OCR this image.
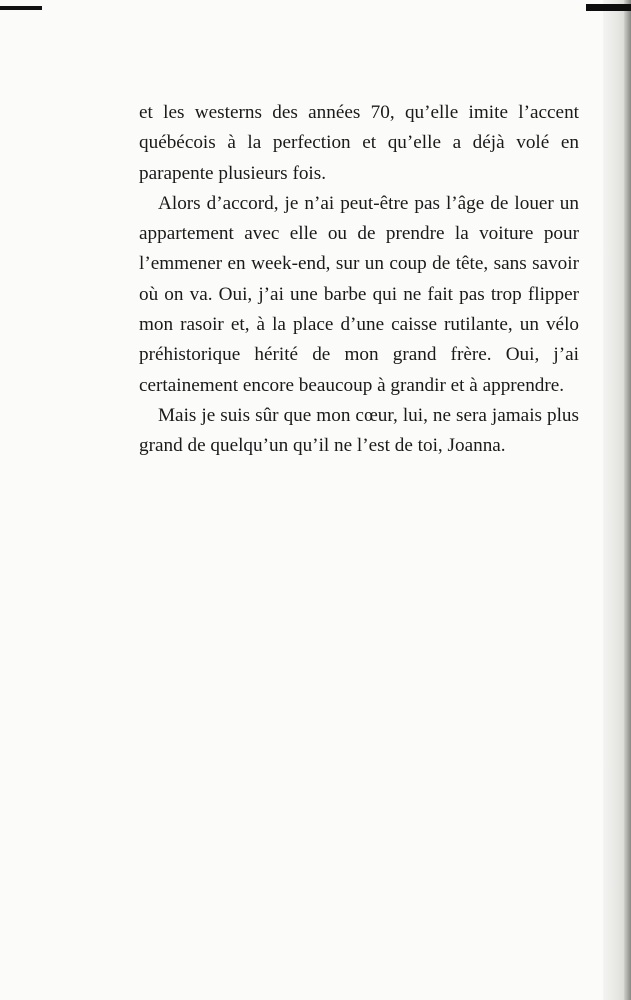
et les westerns des années 70, qu’elle imite l’accent québécois à la perfection et qu’elle a déjà volé en parapente plusieurs fois.

Alors d’accord, je n’ai peut-être pas l’âge de louer un appartement avec elle ou de prendre la voiture pour l’emmener en week-end, sur un coup de tête, sans savoir où on va. Oui, j’ai une barbe qui ne fait pas trop flipper mon rasoir et, à la place d’une caisse rutilante, un vélo préhistorique hérité de mon grand frère. Oui, j’ai certainement encore beaucoup à grandir et à apprendre.

Mais je suis sûr que mon cœur, lui, ne sera jamais plus grand de quelqu’un qu’il ne l’est de toi, Joanna.
